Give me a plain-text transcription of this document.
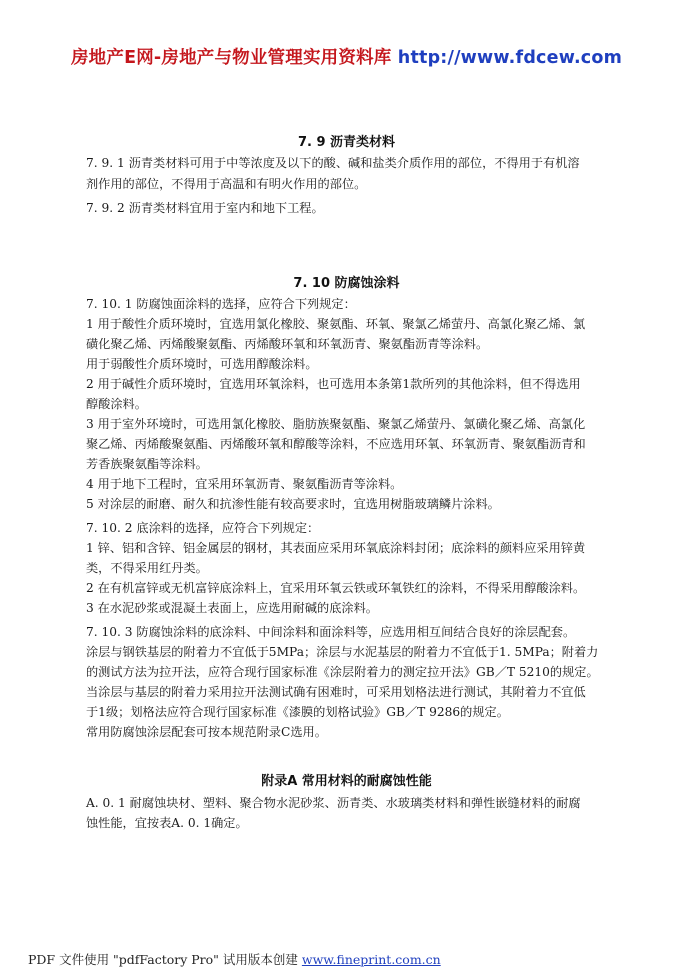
房地产E网-房地产与物业管理实用资料库 http://www.fdcew.com
7. 9 沥青类材料
7. 9. 1 沥青类材料可用于中等浓度及以下的酸、碱和盐类介质作用的部位，不得用于有机溶
剂作用的部位，不得用于高温和有明火作用的部位。
7. 9. 2 沥青类材料宜用于室内和地下工程。
7. 10 防腐蚀涂料
7. 10. 1 防腐蚀面涂料的选择，应符合下列规定：
1 用于酸性介质环境时，宜选用氯化橡胶、聚氨酯、环氧、聚氯乙烯萤丹、高氯化聚乙烯、氯
磺化聚乙烯、丙烯酸聚氨酯、丙烯酸环氧和环氧沥青、聚氨酯沥青等涂料。
用于弱酸性介质环境时，可选用醇酸涂料。
2 用于碱性介质环境时，宜选用环氧涂料，也可选用本条第1款所列的其他涂料，但不得选用
醇酸涂料。
3 用于室外环境时，可选用氯化橡胶、脂肪族聚氨酯、聚氯乙烯萤丹、氯磺化聚乙烯、高氯化
聚乙烯、丙烯酸聚氨酯、丙烯酸环氧和醇酸等涂料，不应选用环氧、环氧沥青、聚氨酯沥青和
芳香族聚氨酯等涂料。
4 用于地下工程时，宜采用环氧沥青、聚氨酯沥青等涂料。
5 对涂层的耐磨、耐久和抗渗性能有较高要求时，宜选用树脂玻璃鳞片涂料。
7. 10. 2 底涂料的选择，应符合下列规定：
1 锌、铝和含锌、铝金属层的钢材，其表面应采用环氧底涂料封闭；底涂料的颜料应采用锌黄
类，不得采用红丹类。
2 在有机富锌或无机富锌底涂料上，宜采用环氧云铁或环氧铁红的涂料，不得采用醇酸涂料。
3 在水泥砂浆或混凝土表面上，应选用耐碱的底涂料。
7. 10. 3 防腐蚀涂料的底涂料、中间涂料和面涂料等，应选用相互间结合良好的涂层配套。
涂层与钢铁基层的附着力不宜低于5MPa；涂层与水泥基层的附着力不宜低于1. 5MPa；附着力
的测试方法为拉开法，应符合现行国家标准《涂层附着力的测定拉开法》GB／T 5210的规定。
当涂层与基层的附着力采用拉开法测试确有困难时，可采用划格法进行测试，其附着力不宜低
于1级；划格法应符合现行国家标准《漆膜的划格试验》GB／T 9286的规定。
常用防腐蚀涂层配套可按本规范附录C选用。
附录A 常用材料的耐腐蚀性能
A. 0. 1 耐腐蚀块材、塑料、聚合物水泥砂浆、沥青类、水玻璃类材料和弹性嵌缝材料的耐腐
蚀性能，宜按表A. 0. 1确定。
PDF 文件使用 "pdfFactory Pro" 试用版本创建 www.fineprint.com.cn
